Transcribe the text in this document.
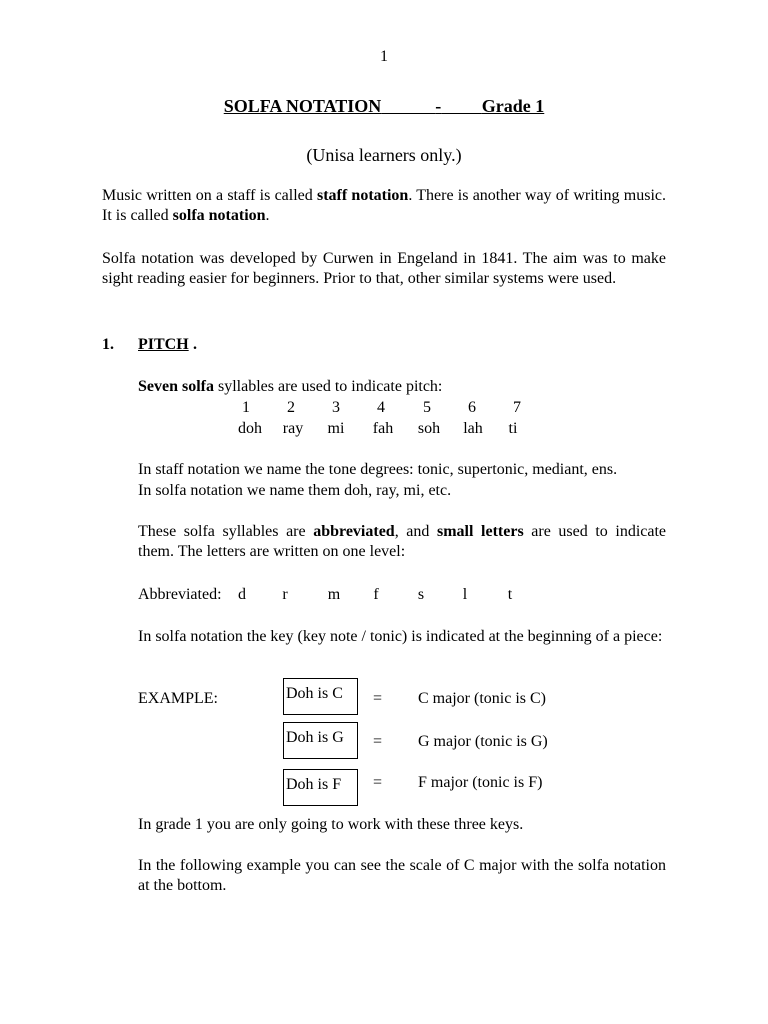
1
SOLFA NOTATION	- Grade 1
(Unisa learners only.)
Music written on a staff is called staff notation. There is another way of writing music. It is called solfa notation.
Solfa notation was developed by Curwen in Engeland in 1841. The aim was to make sight reading easier for beginners. Prior to that, other similar systems were used.
1. PITCH .
Seven solfa syllables are used to indicate pitch:
1	2	3	4	5	6	7
doh	ray	mi	fah	soh	lah	ti
In staff notation we name the tone degrees: tonic, supertonic, mediant, ens.
In solfa notation we name them doh, ray, mi, etc.
These solfa syllables are abbreviated, and small letters are used to indicate them. The letters are written on one level:
Abbreviated:	d	r	m	f	s	l	t
In solfa notation the key (key note / tonic) is indicated at the beginning of a piece:
EXAMPLE:	Doh is C	= C major (tonic is C)
Doh is G	= G major (tonic is G)
Doh is F	= F major (tonic is F)
In grade 1 you are only going to work with these three keys.
In the following example you can see the scale of C major with the solfa notation at the bottom.
